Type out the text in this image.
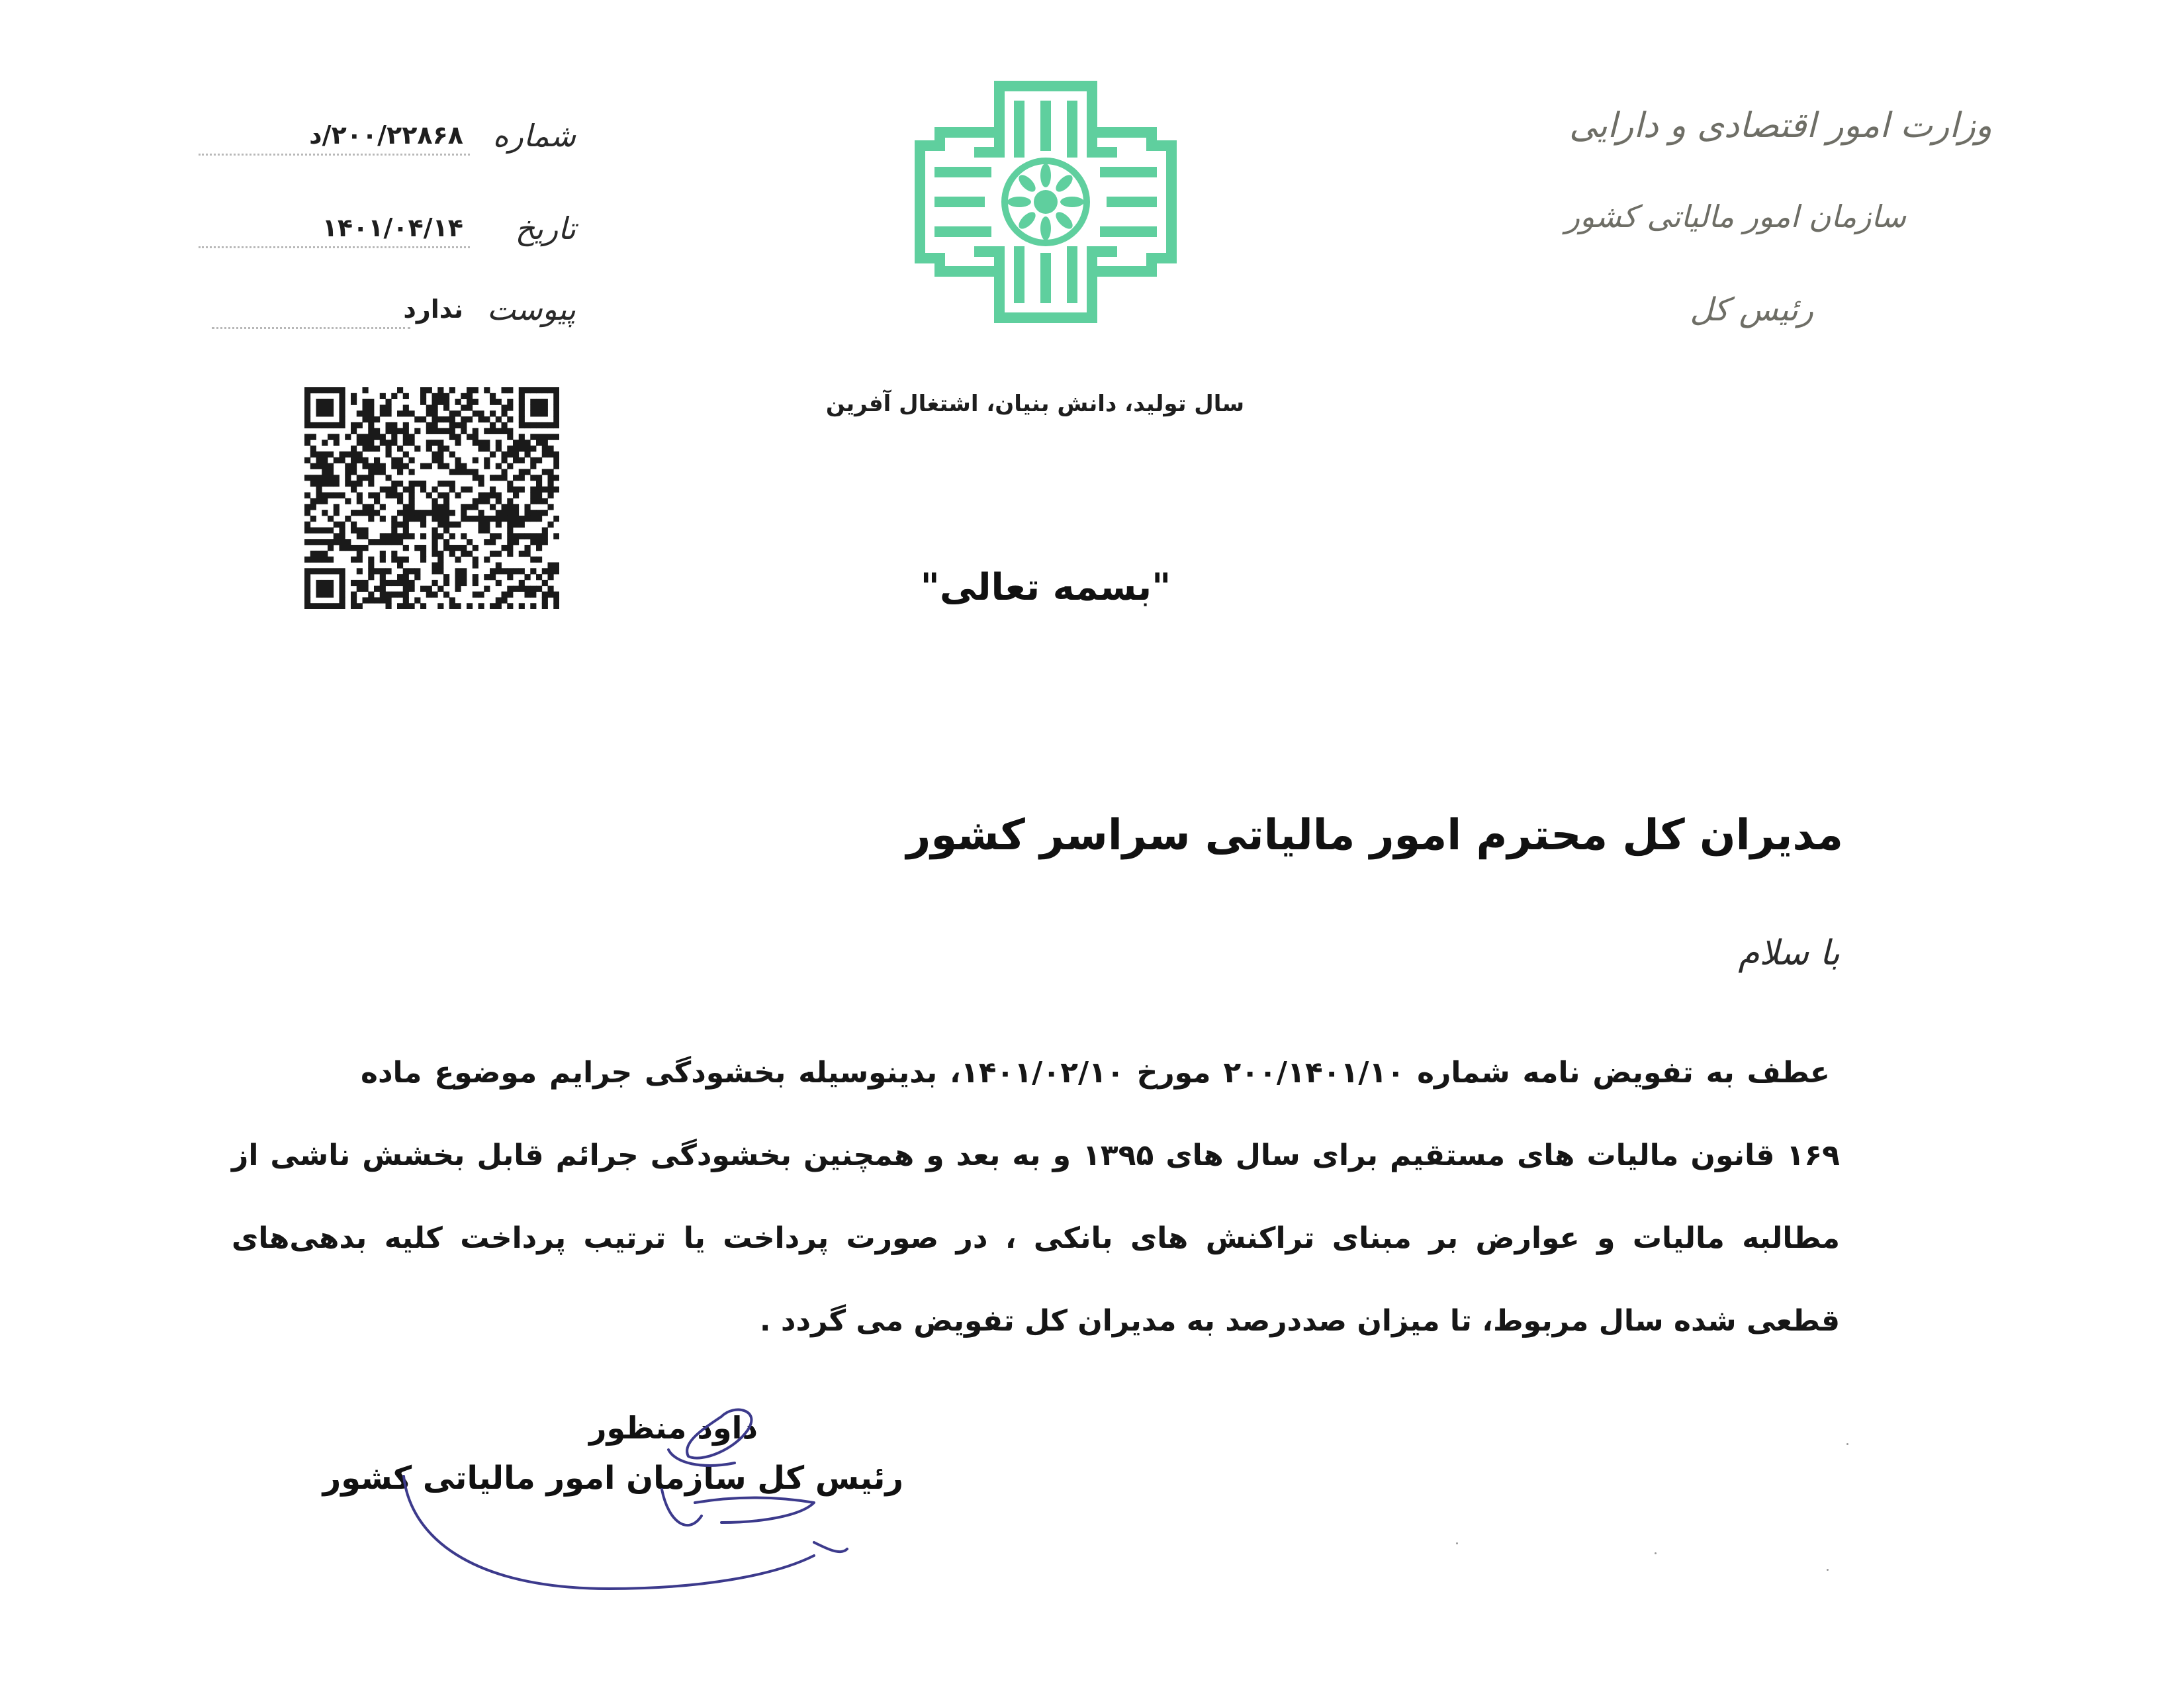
وزارت امور اقتصادی و دارایی
سازمان امور مالیاتی کشور
رئیس کل
سال تولید، دانش بنیان، اشتغال آفرین
"بسمه تعالی"
شماره
۲۰۰/۲۲۸۶۸/د
تاریخ
۱۴۰۱/۰۴/۱۴
پیوست
ندارد
مدیران کل محترم امور مالیاتی سراسر کشور
با سلام
عطف به تفویض نامه شماره ۲۰۰/۱۴۰۱/۱۰ مورخ ۱۴۰۱/۰۲/۱۰، بدینوسیله بخشودگی جرایم موضوع ماده
۱۶۹ قانون مالیات های مستقیم برای سال های ۱۳۹۵ و به بعد و همچنین بخشودگی جرائم قابل بخشش ناشی از
مطالبه مالیات و عوارض بر مبنای تراکنش های بانکی ، در صورت پرداخت یا ترتیب پرداخت کلیه بدهی‌های
قطعی شده سال مربوط، تا میزان صددرصد به مدیران کل تفویض می گردد .
داود منظور
رئیس کل سازمان امور مالیاتی کشور
